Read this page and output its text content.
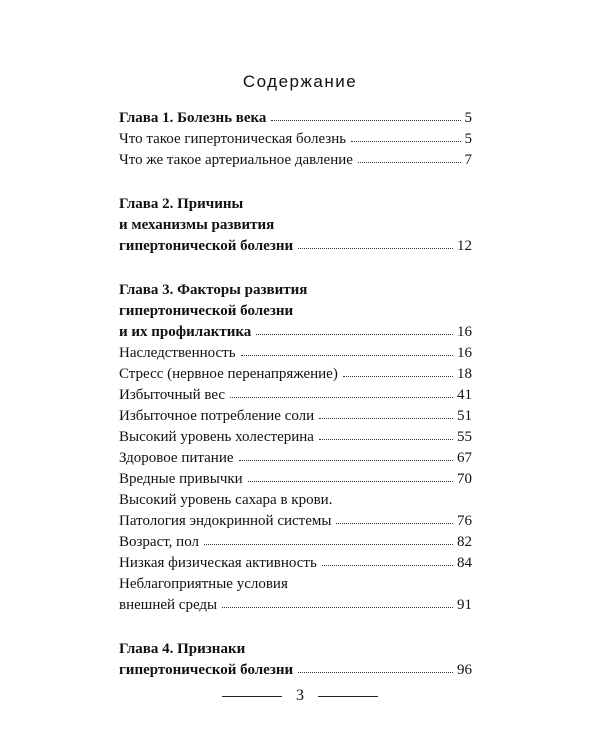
Содержание
Глава 1. Болезнь века	5
Что такое гипертоническая болезнь	5
Что же такое артериальное давление	7
Глава 2. Причины
и механизмы развития
гипертонической болезни	12
Глава 3. Факторы развития
гипертонической болезни
и их профилактика	16
Наследственность	16
Стресс (нервное перенапряжение)	18
Избыточный вес	41
Избыточное потребление соли	51
Высокий уровень холестерина	55
Здоровое питание	67
Вредные привычки	70
Высокий уровень сахара в крови.
Патология эндокринной системы	76
Возраст, пол	82
Низкая физическая активность	84
Неблагоприятные условия
внешней среды	91
Глава 4. Признаки
гипертонической болезни	96
3
